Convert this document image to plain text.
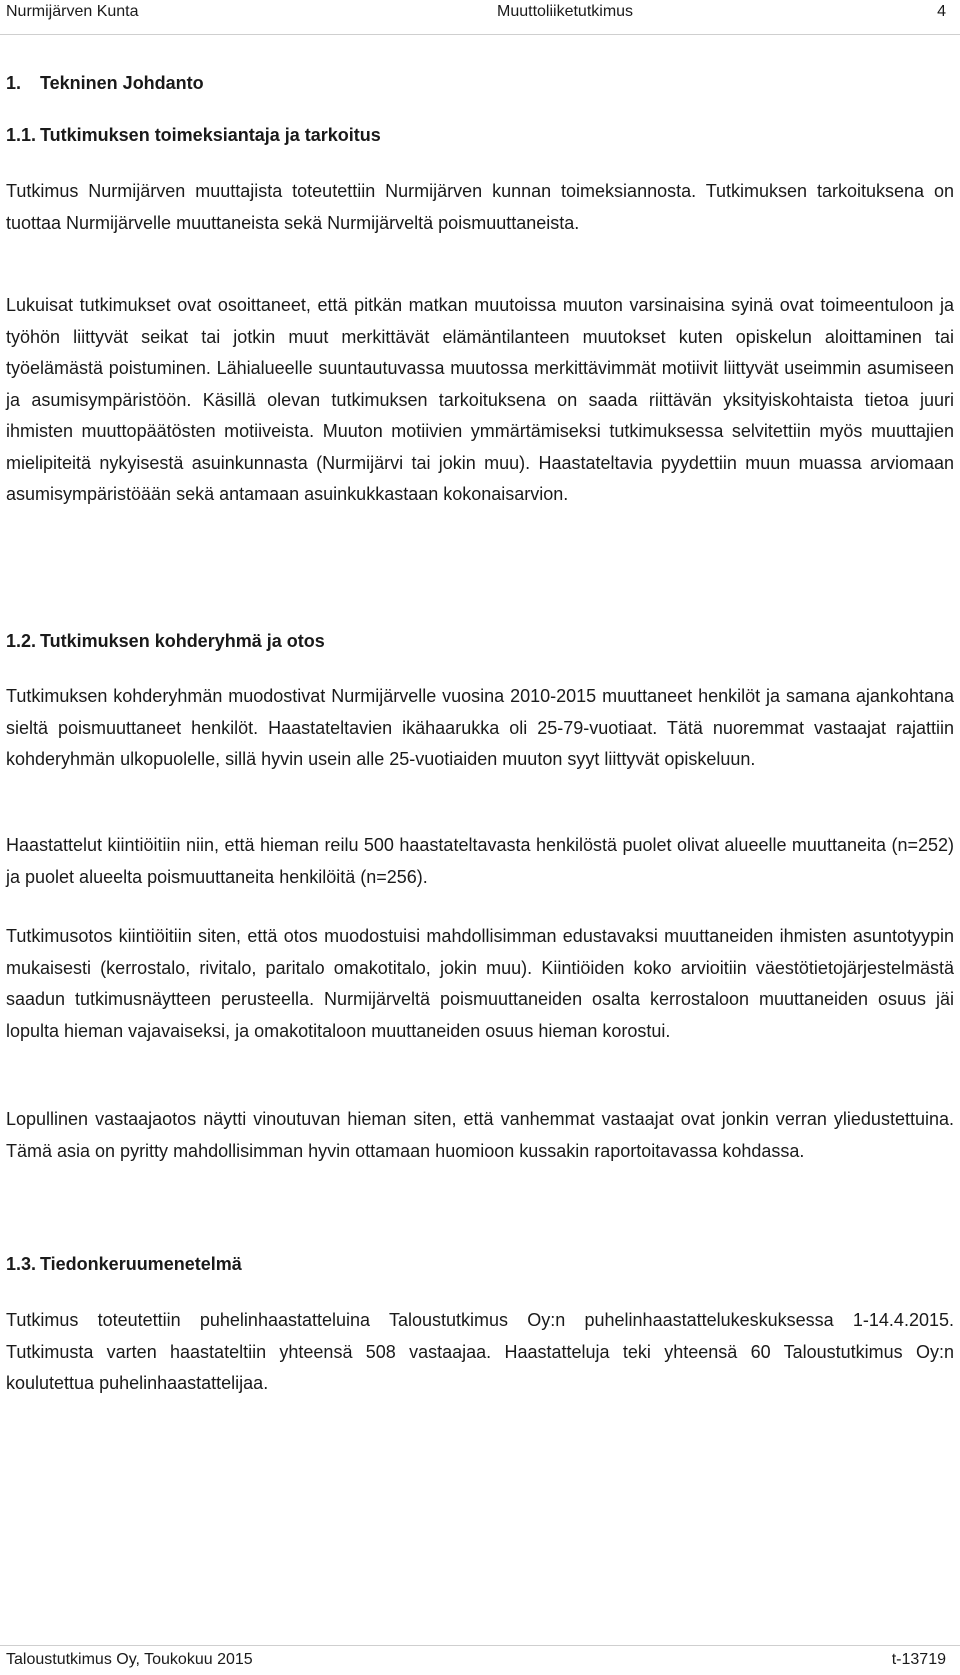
Nurmijärven Kunta	Muuttoliiketutkimus	4
1. Tekninen Johdanto
1.1. Tutkimuksen toimeksiantaja ja tarkoitus

Tutkimus Nurmijärven muuttajista toteutettiin Nurmijärven kunnan toimeksiannosta. Tutkimuksen tarkoituksena on tuottaa Nurmijärvelle muuttaneista sekä Nurmijärveltä poismuuttaneista.

Lukuisat tutkimukset ovat osoittaneet, että pitkän matkan muutoissa muuton varsinaisina syinä ovat toimeentuloon ja työhön liittyvät seikat tai jotkin muut merkittävät elämäntilanteen muutokset kuten opiskelun aloittaminen tai työelämästä poistuminen. Lähialueelle suuntautuvassa muutossa merkittävimmät motiivit liittyvät useimmin asumiseen ja asumisympäristöön. Käsillä olevan tutkimuksen tarkoituksena on saada riittävän yksityiskohtaista tietoa juuri ihmisten muuttopäätösten motiiveista. Muuton motiivien ymmärtämiseksi tutkimuksessa selvitettiin myös muuttajien mielipiteitä nykyisestä asuinkunnasta (Nurmijärvi tai jokin muu). Haastateltavia pyydettiin muun muassa arviomaan asumisympäristöään sekä antamaan asuinkukkastaan kokonaisarvion.

1.2. Tutkimuksen kohderyhmä ja otos

Tutkimuksen kohderyhmän muodostivat Nurmijärvelle vuosina 2010-2015 muuttaneet henkilöt ja samana ajankohtana sieltä poismuuttaneet henkilöt. Haastateltavien ikähaarukka oli 25-79-vuotiaat. Tätä nuoremmat vastaajat rajattiin kohderyhmän ulkopuolelle, sillä hyvin usein alle 25-vuotiaiden muuton syyt liittyvät opiskeluun.

Haastattelut kiintiöitiin niin, että hieman reilu 500 haastateltavasta henkilöstä puolet olivat alueelle muuttaneita (n=252) ja puolet alueelta poismuuttaneita henkilöitä (n=256).

Tutkimusotos kiintiöitiin siten, että otos muodostuisi mahdollisimman edustavaksi muuttaneiden ihmisten asuntotyypin mukaisesti (kerrostalo, rivitalo, paritalo omakotitalo, jokin muu). Kiintiöiden koko arvioitiin väestötietojärjestelmästä saadun tutkimusnäytteen perusteella. Nurmijärveltä poismuuttaneiden osalta kerrostaloon muuttaneiden osuus jäi lopulta hieman vajavaiseksi, ja omakotitaloon muuttaneiden osuus hieman korostui.

Lopullinen vastaajaotos näytti vinoutuvan hieman siten, että vanhemmat vastaajat ovat jonkin verran yliedustettuina. Tämä asia on pyritty mahdollisimman hyvin ottamaan huomioon kussakin raportoitavassa kohdassa.

1.3. Tiedonkeruumenetelmä

Tutkimus toteutettiin puhelinhaastatteluina Taloustutkimus Oy:n puhelinhaastattelukeskuksessa 1-14.4.2015. Tutkimusta varten haastateltiin yhteensä 508 vastaajaa. Haastatteluja teki yhteensä 60 Taloustutkimus Oy:n koulutettua puhelinhaastattelijaa.

Taloustutkimus Oy, Toukokuu 2015	t-13719
